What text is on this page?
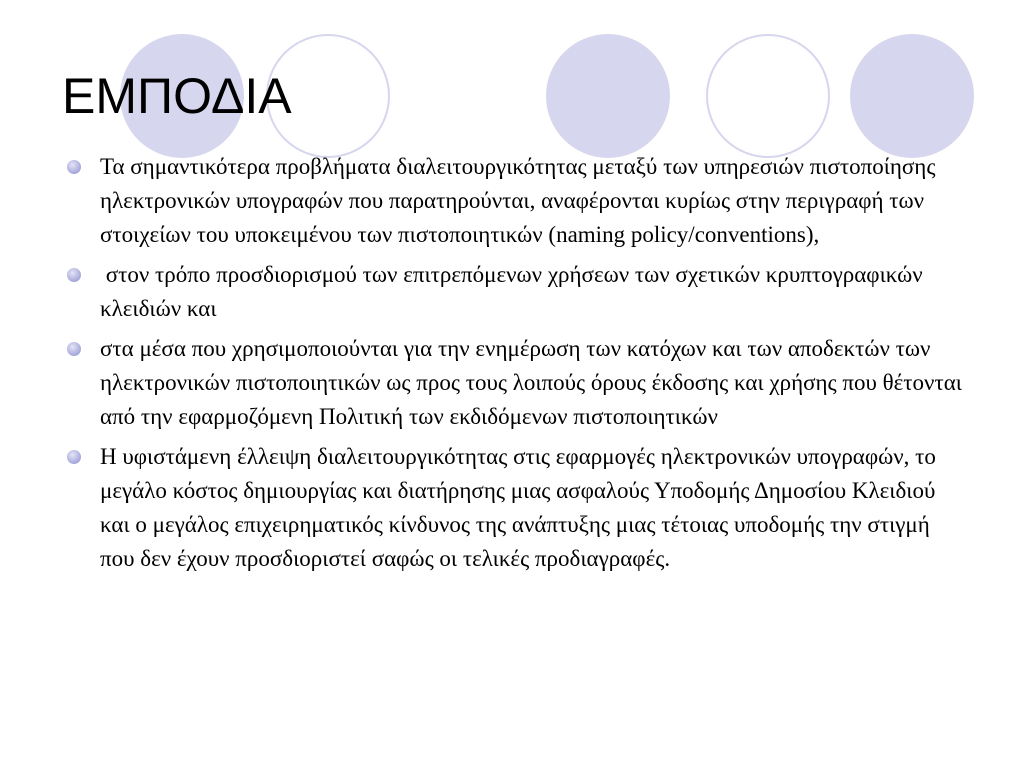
ΕΜΠΟΔΙΑ
Τα σημαντικότερα προβλήματα διαλειτουργικότητας μεταξύ των υπηρεσιών πιστοποίησης ηλεκτρονικών υπογραφών που παρατηρούνται, αναφέρονται κυρίως στην περιγραφή των στοιχείων του υποκειμένου των πιστοποιητικών (naming policy/conventions),
στον τρόπο προσδιορισμού των επιτρεπόμενων χρήσεων των σχετικών κρυπτογραφικών κλειδιών και
στα μέσα που χρησιμοποιούνται για την ενημέρωση των κατόχων και των αποδεκτών των ηλεκτρονικών πιστοποιητικών ως προς τους λοιπούς όρους έκδοσης και χρήσης που θέτονται από την εφαρμοζόμενη Πολιτική των εκδιδόμενων πιστοποιητικών
Η υφιστάμενη έλλειψη διαλειτουργικότητας στις εφαρμογές ηλεκτρονικών υπογραφών, το μεγάλο κόστος δημιουργίας και διατήρησης μιας ασφαλούς Υποδομής Δημοσίου Κλειδιού και ο μεγάλος επιχειρηματικός κίνδυνος της ανάπτυξης μιας τέτοιας υποδομής την στιγμή που δεν έχουν προσδιοριστεί σαφώς οι τελικές προδιαγραφές.
